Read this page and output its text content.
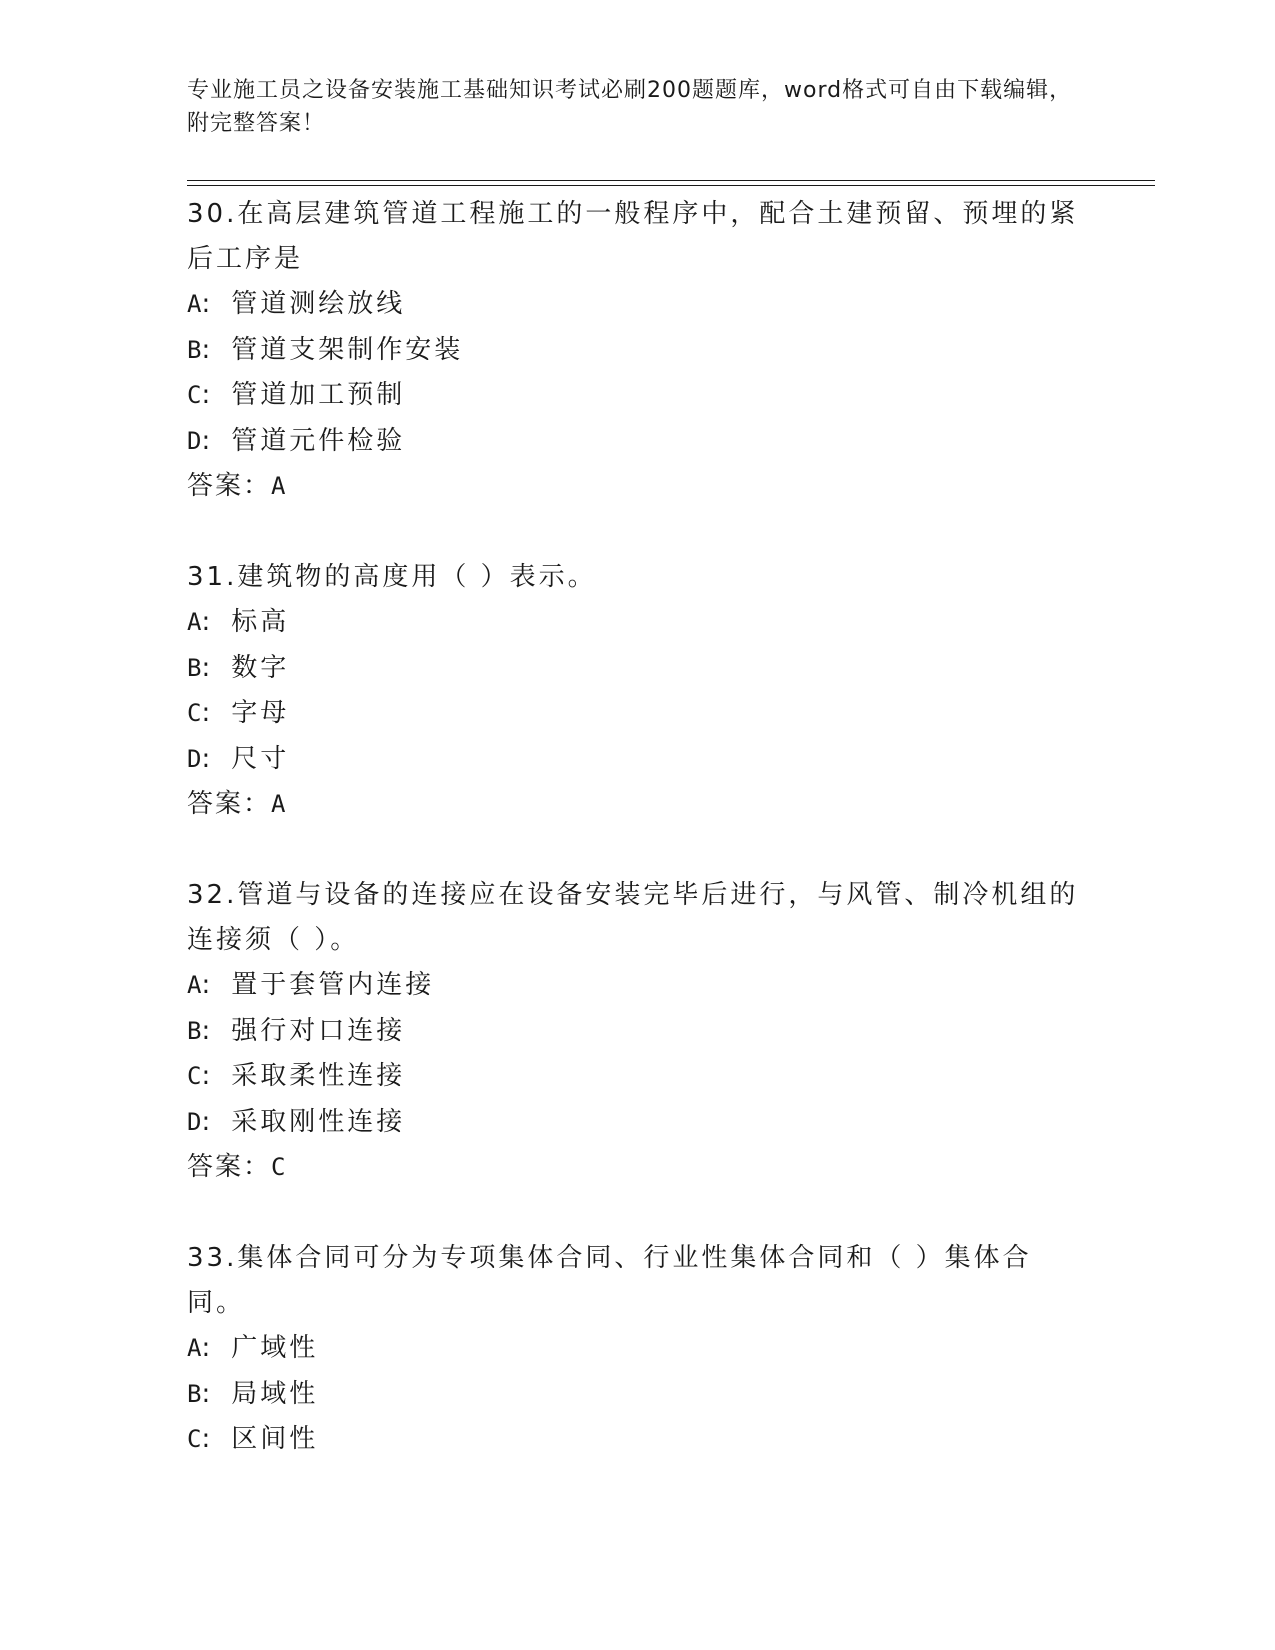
专业施工员之设备安装施工基础知识考试必刷200题题库，word格式可自由下载编辑，附完整答案！
30.在高层建筑管道工程施工的一般程序中，配合土建预留、预埋的紧后工序是
A: 管道测绘放线
B: 管道支架制作安装
C: 管道加工预制
D: 管道元件检验
答案：A
31.建筑物的高度用（ ）表示。
A: 标高
B: 数字
C: 字母
D: 尺寸
答案：A
32.管道与设备的连接应在设备安装完毕后进行，与风管、制冷机组的连接须（ ）。
A: 置于套管内连接
B: 强行对口连接
C: 采取柔性连接
D: 采取刚性连接
答案：C
33.集体合同可分为专项集体合同、行业性集体合同和（ ）集体合同。
A: 广域性
B: 局域性
C: 区间性
